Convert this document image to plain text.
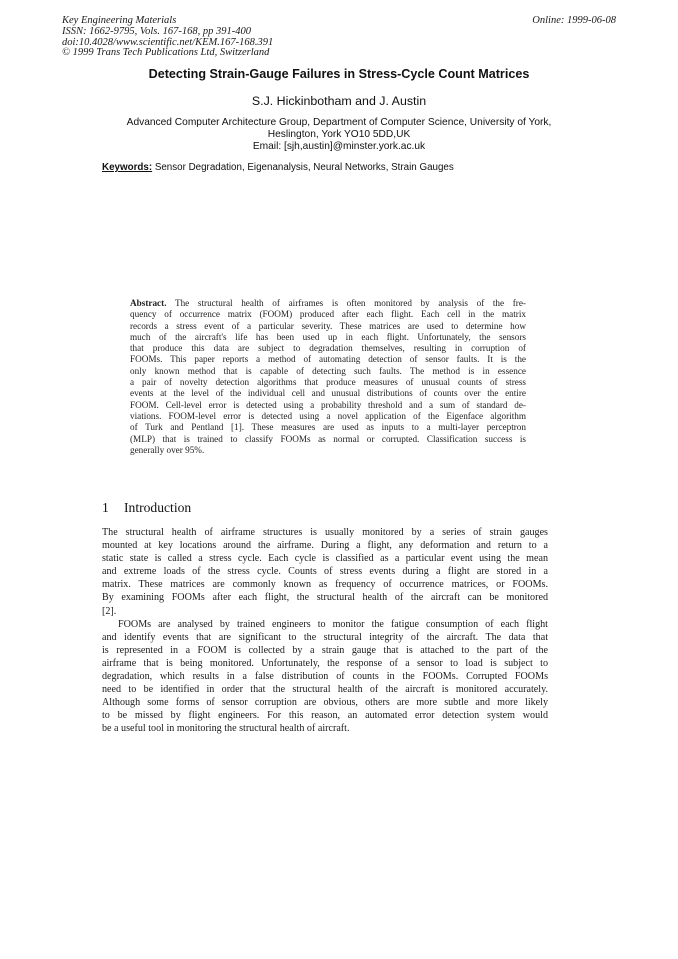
Key Engineering Materials
ISSN: 1662-9795, Vols. 167-168, pp 391-400
doi:10.4028/www.scientific.net/KEM.167-168.391
© 1999 Trans Tech Publications Ltd, Switzerland
Online: 1999-06-08
Detecting Strain-Gauge Failures in Stress-Cycle Count Matrices
S.J. Hickinbotham and J. Austin
Advanced Computer Architecture Group, Department of Computer Science, University of York,
Heslington, York YO10 5DD,UK
Email: [sjh,austin]@minster.york.ac.uk
Keywords: Sensor Degradation, Eigenanalysis, Neural Networks, Strain Gauges
Abstract. The structural health of airframes is often monitored by analysis of the fre-
quency of occurrence matrix (FOOM) produced after each flight. Each cell in the matrix
records a stress event of a particular severity. These matrices are used to determine how
much of the aircraft's life has been used up in each flight. Unfortunately, the sensors
that produce this data are subject to degradation themselves, resulting in corruption of
FOOMs. This paper reports a method of automating detection of sensor faults. It is the
only known method that is capable of detecting such faults. The method is in essence
a pair of novelty detection algorithms that produce measures of unusual counts of stress
events at the level of the individual cell and unusual distributions of counts over the entire
FOOM. Cell-level error is detected using a probability threshold and a sum of standard de-
viations. FOOM-level error is detected using a novel application of the Eigenface algorithm
of Turk and Pentland [1]. These measures are used as inputs to a multi-layer perceptron
(MLP) that is trained to classify FOOMs as normal or corrupted. Classification success is
generally over 95%.
1 Introduction
The structural health of airframe structures is usually monitored by a series of strain gauges
mounted at key locations around the airframe. During a flight, any deformation and return to a
static state is called a stress cycle. Each cycle is classified as a particular event using the mean
and extreme loads of the stress cycle. Counts of stress events during a flight are stored in a
matrix. These matrices are commonly known as frequency of occurrence matrices, or FOOMs.
By examining FOOMs after each flight, the structural health of the aircraft can be monitored
[2].
FOOMs are analysed by trained engineers to monitor the fatigue consumption of each flight
and identify events that are significant to the structural integrity of the aircraft. The data that
is represented in a FOOM is collected by a strain gauge that is attached to the part of the
airframe that is being monitored. Unfortunately, the response of a sensor to load is subject to
degradation, which results in a false distribution of counts in the FOOMs. Corrupted FOOMs
need to be identified in order that the structural health of the aircraft is monitored accurately.
Although some forms of sensor corruption are obvious, others are more subtle and more likely
to be missed by flight engineers. For this reason, an automated error detection system would
be a useful tool in monitoring the structural health of aircraft.
